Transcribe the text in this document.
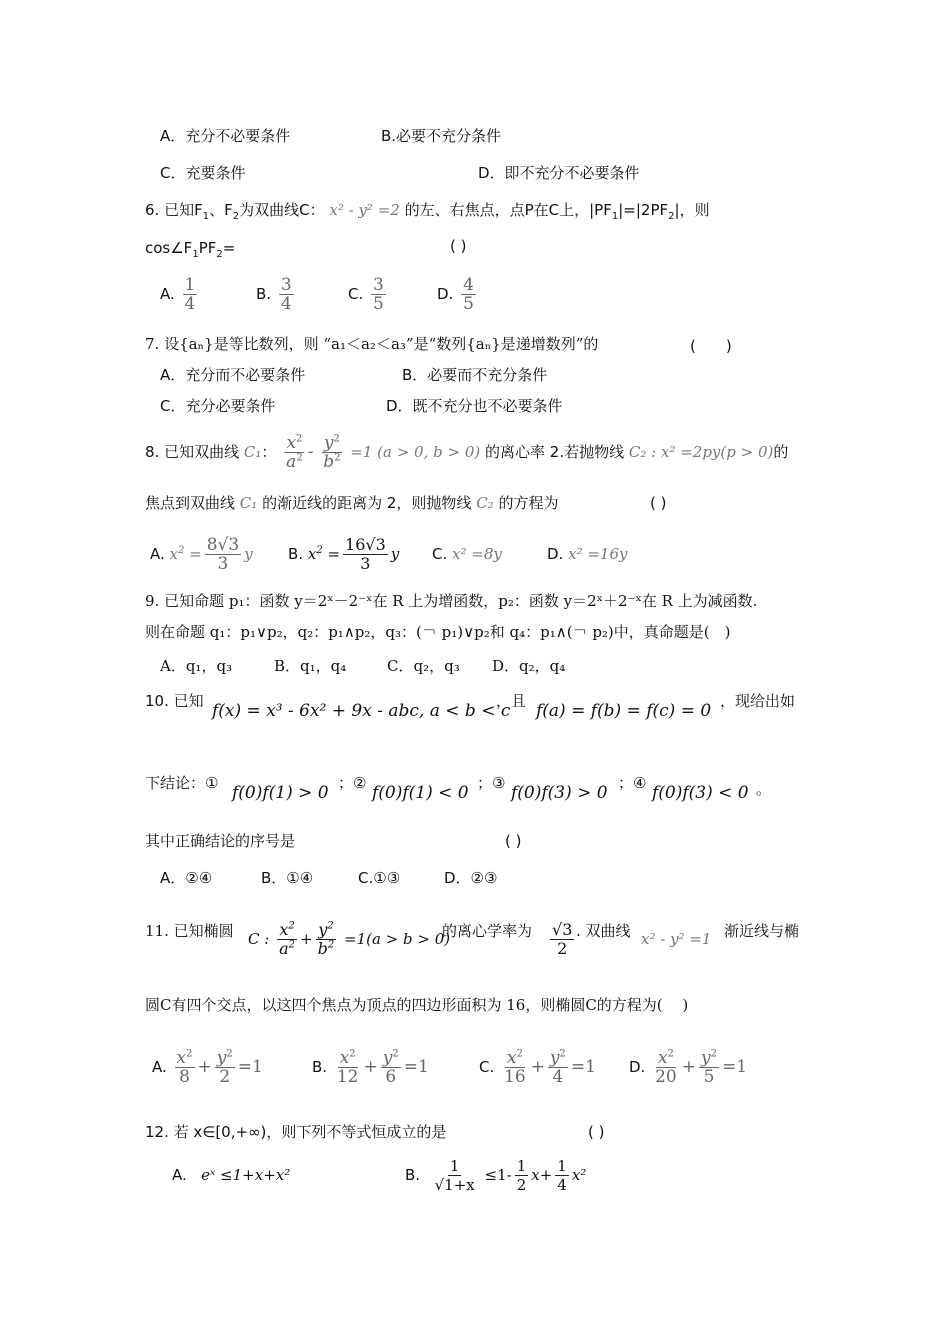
A．充分不必要条件	B.必要不充分条件
C．充要条件	D．即不充分不必要条件
6. 已知$F_1$、$F_2$为双曲线C： x² - y² =2 的左、右焦点，点P在C上，$|PF_1|=|2PF_2|$，则
$\cos\angle F_1PF_2=$	( )
A. $\frac{1}{4}$	B. $\frac{3}{4}$	C. $\frac{3}{5}$	D. $\frac{4}{5}$
7. 设{aₙ}是等比数列，则 “a₁＜a₂＜a₃”是“数列{aₙ}是递增数列”的	(　　)
A．充分而不必要条件	B．必要而不充分条件
C．充分必要条件	D．既不充分也不必要条件
8. 已知双曲线 C₁： $\frac{x^2}{a^2} - \frac{y^2}{b^2} =1$ (a > 0, b > 0) 的离心率 2.若抛物线 C₂ : x² =2py(p > 0)的
焦点到双曲线 C₁ 的渐近线的距离为 2，则抛物线 C₂ 的方程为	( )
A. $x^2 = \frac{8√3}{3}$ y B. $x^2 = \frac{16√3}{3}$ y C. x² =8y	D. x² =16y
9. 已知命题 p₁：函数 y＝2ˣ－2⁻ˣ在 R 上为增函数，p₂：函数 y＝2ˣ＋2⁻ˣ在 R 上为减函数.
则在命题 q₁：p₁∨p₂，q₂：p₁∧p₂，q₃：(￢ p₁)∨p₂和 q₄：p₁∧(￢ p₂)中，真命题是(　)
A．q₁，q₃	B．q₁，q₄	C．q₂，q₃ D．q₂，q₄
10. 已知 f(x) = x³ - 6x² + 9x - abc, a < b < c
，且 f(a) = f(b) = f(c) = 0 ，现给出如
下结论：① f(0)f(1) > 0 ；② f(0)f(1) < 0 ；③ f(0)f(3) > 0 ；④ f(0)f(3) < 0 。
其中正确结论的序号是	( )
A．②④	B．①④	C.①③	D．②③
11. 已知椭圆 C : $\frac{x^2}{a^2} + \frac{y^2}{b^2} =1(a > b > 0)$
的离心学率为 $\frac{√3}{2}$ . 双曲线 x² - y² =1 渐近线与椭
圆C有四个交点，以这四个焦点为顶点的四边形面积为 16，则椭圆C的方程为(　 )
A. $\frac{x^2}{8} + \frac{y^2}{2} =1$	B. $\frac{x^2}{12} + \frac{y^2}{6} =1$	C. $\frac{x^2}{16} + \frac{y^2}{4} =1$ D. $\frac{x^2}{20} + \frac{y^2}{5} =1$
12. 若 x∈[0,+∞)，则下列不等式恒成立的是	( )
A. eˣ ≤1+x+x²	B. $\frac{1}{√1+x} \le 1- \frac{1}{2} x+ \frac{1}{4} x^2$
